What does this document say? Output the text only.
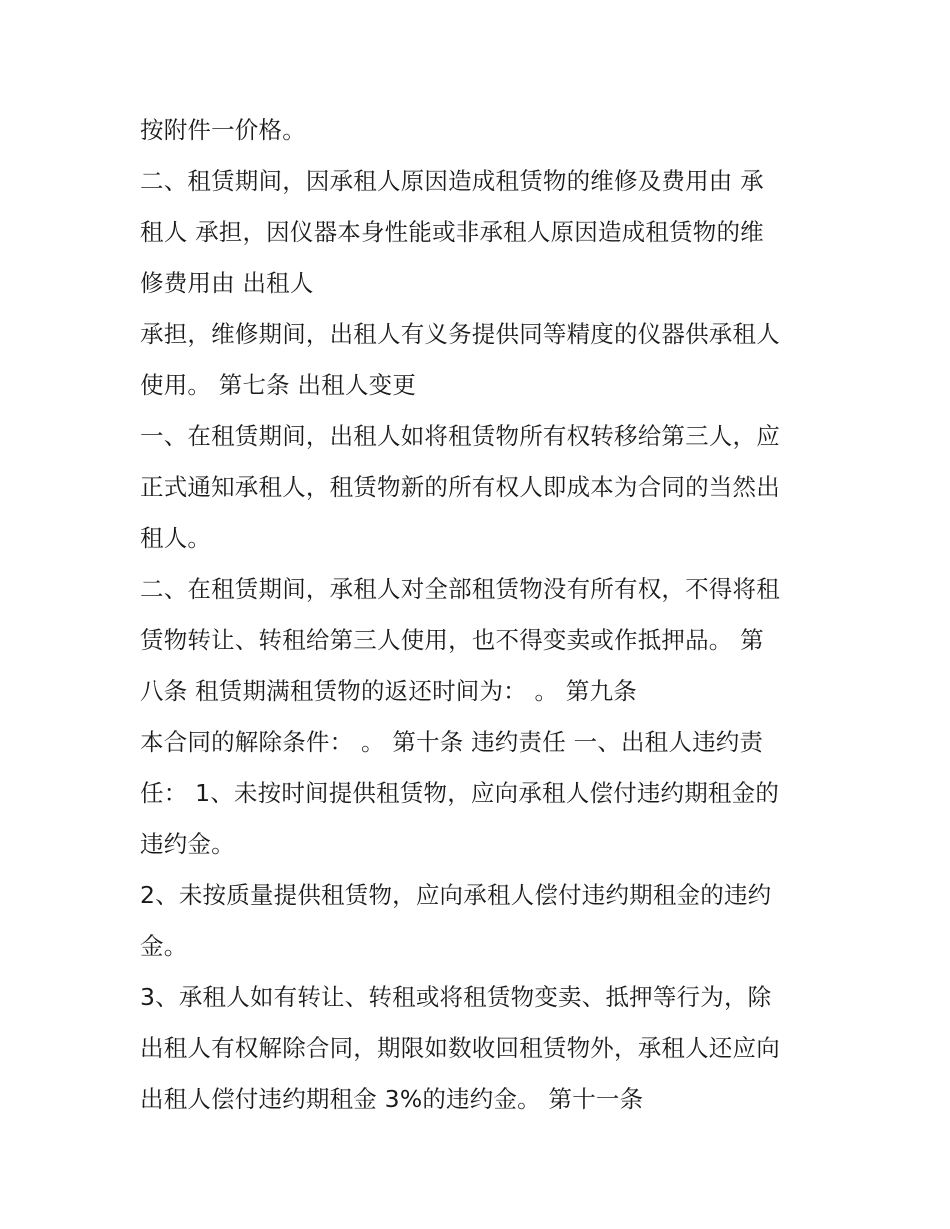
按附件一价格。
二、租赁期间，因承租人原因造成租赁物的维修及费用由 承
租人 承担，因仪器本身性能或非承租人原因造成租赁物的维
修费用由 出租人
承担，维修期间，出租人有义务提供同等精度的仪器供承租人
使用。 第七条 出租人变更
一、在租赁期间，出租人如将租赁物所有权转移给第三人，应
正式通知承租人，租赁物新的所有权人即成本为合同的当然出
租人。
二、在租赁期间，承租人对全部租赁物没有所有权，不得将租
赁物转让、转租给第三人使用，也不得变卖或作抵押品。 第
八条 租赁期满租赁物的返还时间为： 。 第九条
本合同的解除条件： 。 第十条 违约责任 一、出租人违约责
任： 1、未按时间提供租赁物，应向承租人偿付违约期租金的
违约金。
2、未按质量提供租赁物，应向承租人偿付违约期租金的违约
金。
3、承租人如有转让、转租或将租赁物变卖、抵押等行为，除
出租人有权解除合同，期限如数收回租赁物外，承租人还应向
出租人偿付违约期租金 3%的违约金。 第十一条
